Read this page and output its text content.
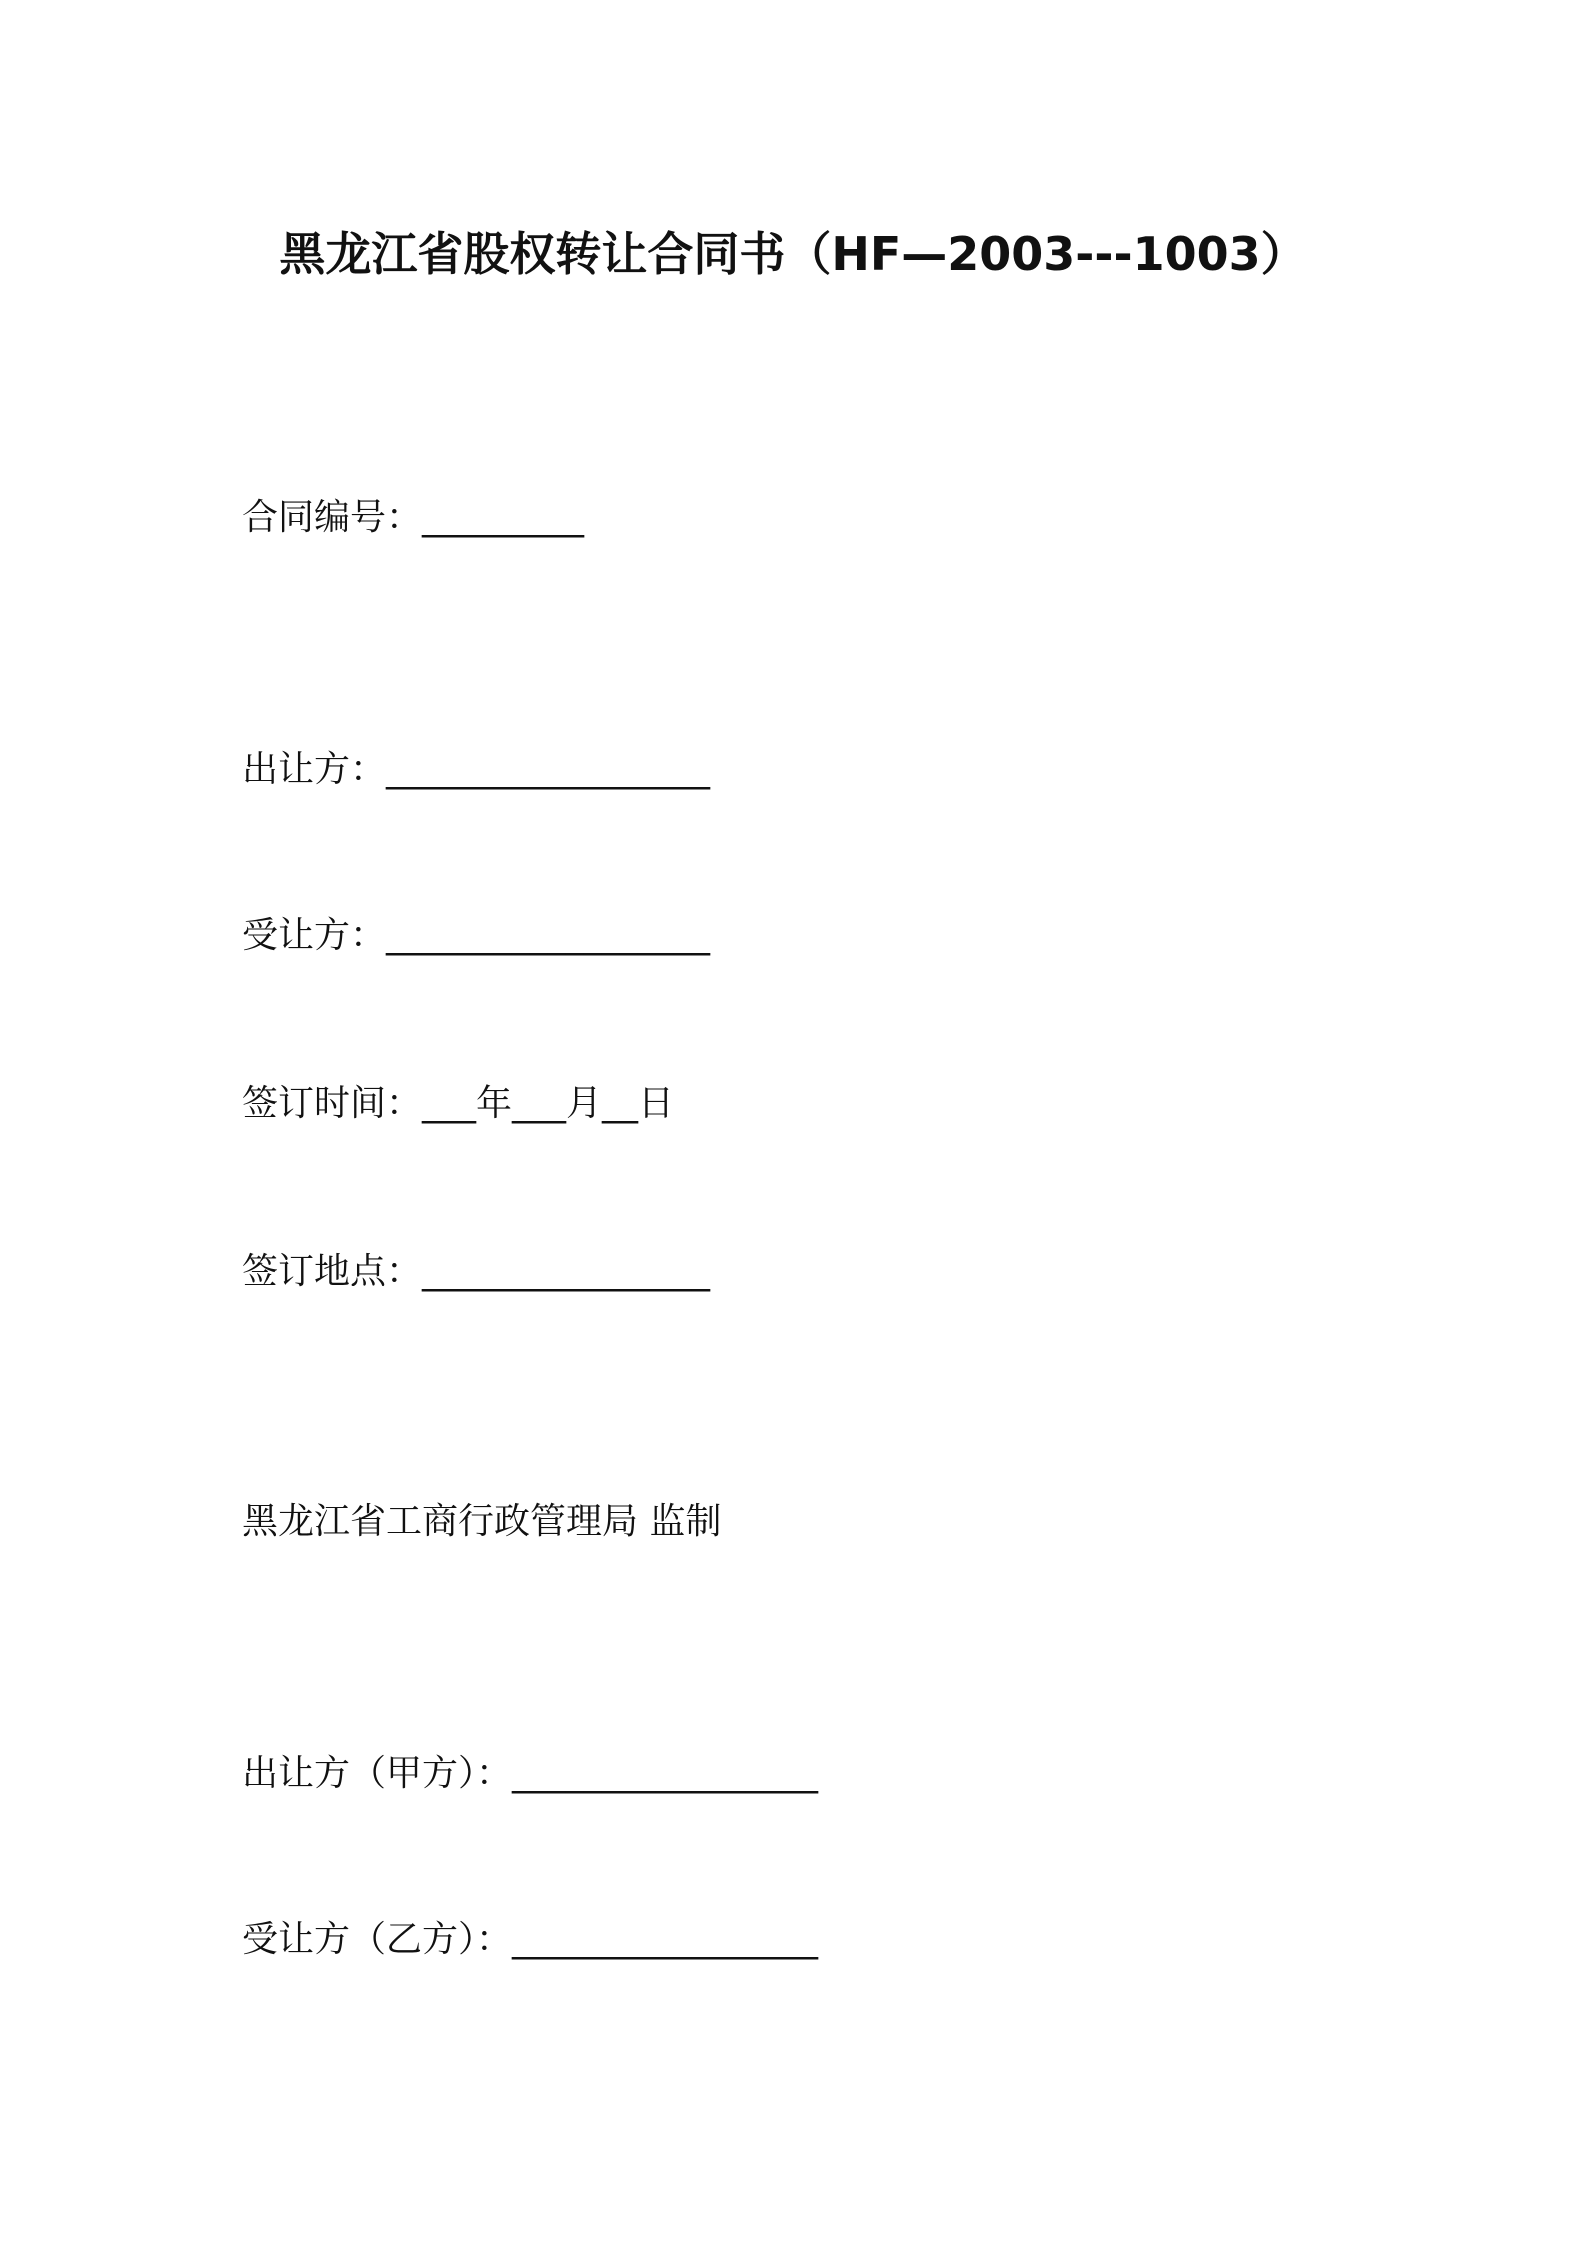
黑龙江省股权转让合同书（HF—2003---1003）
合同编号：_________
出让方：__________________
受让方：__________________
签订时间：___年___月__日
签订地点：________________
黑龙江省工商行政管理局 监制
出让方（甲方）：_________________
受让方（乙方）：_________________
